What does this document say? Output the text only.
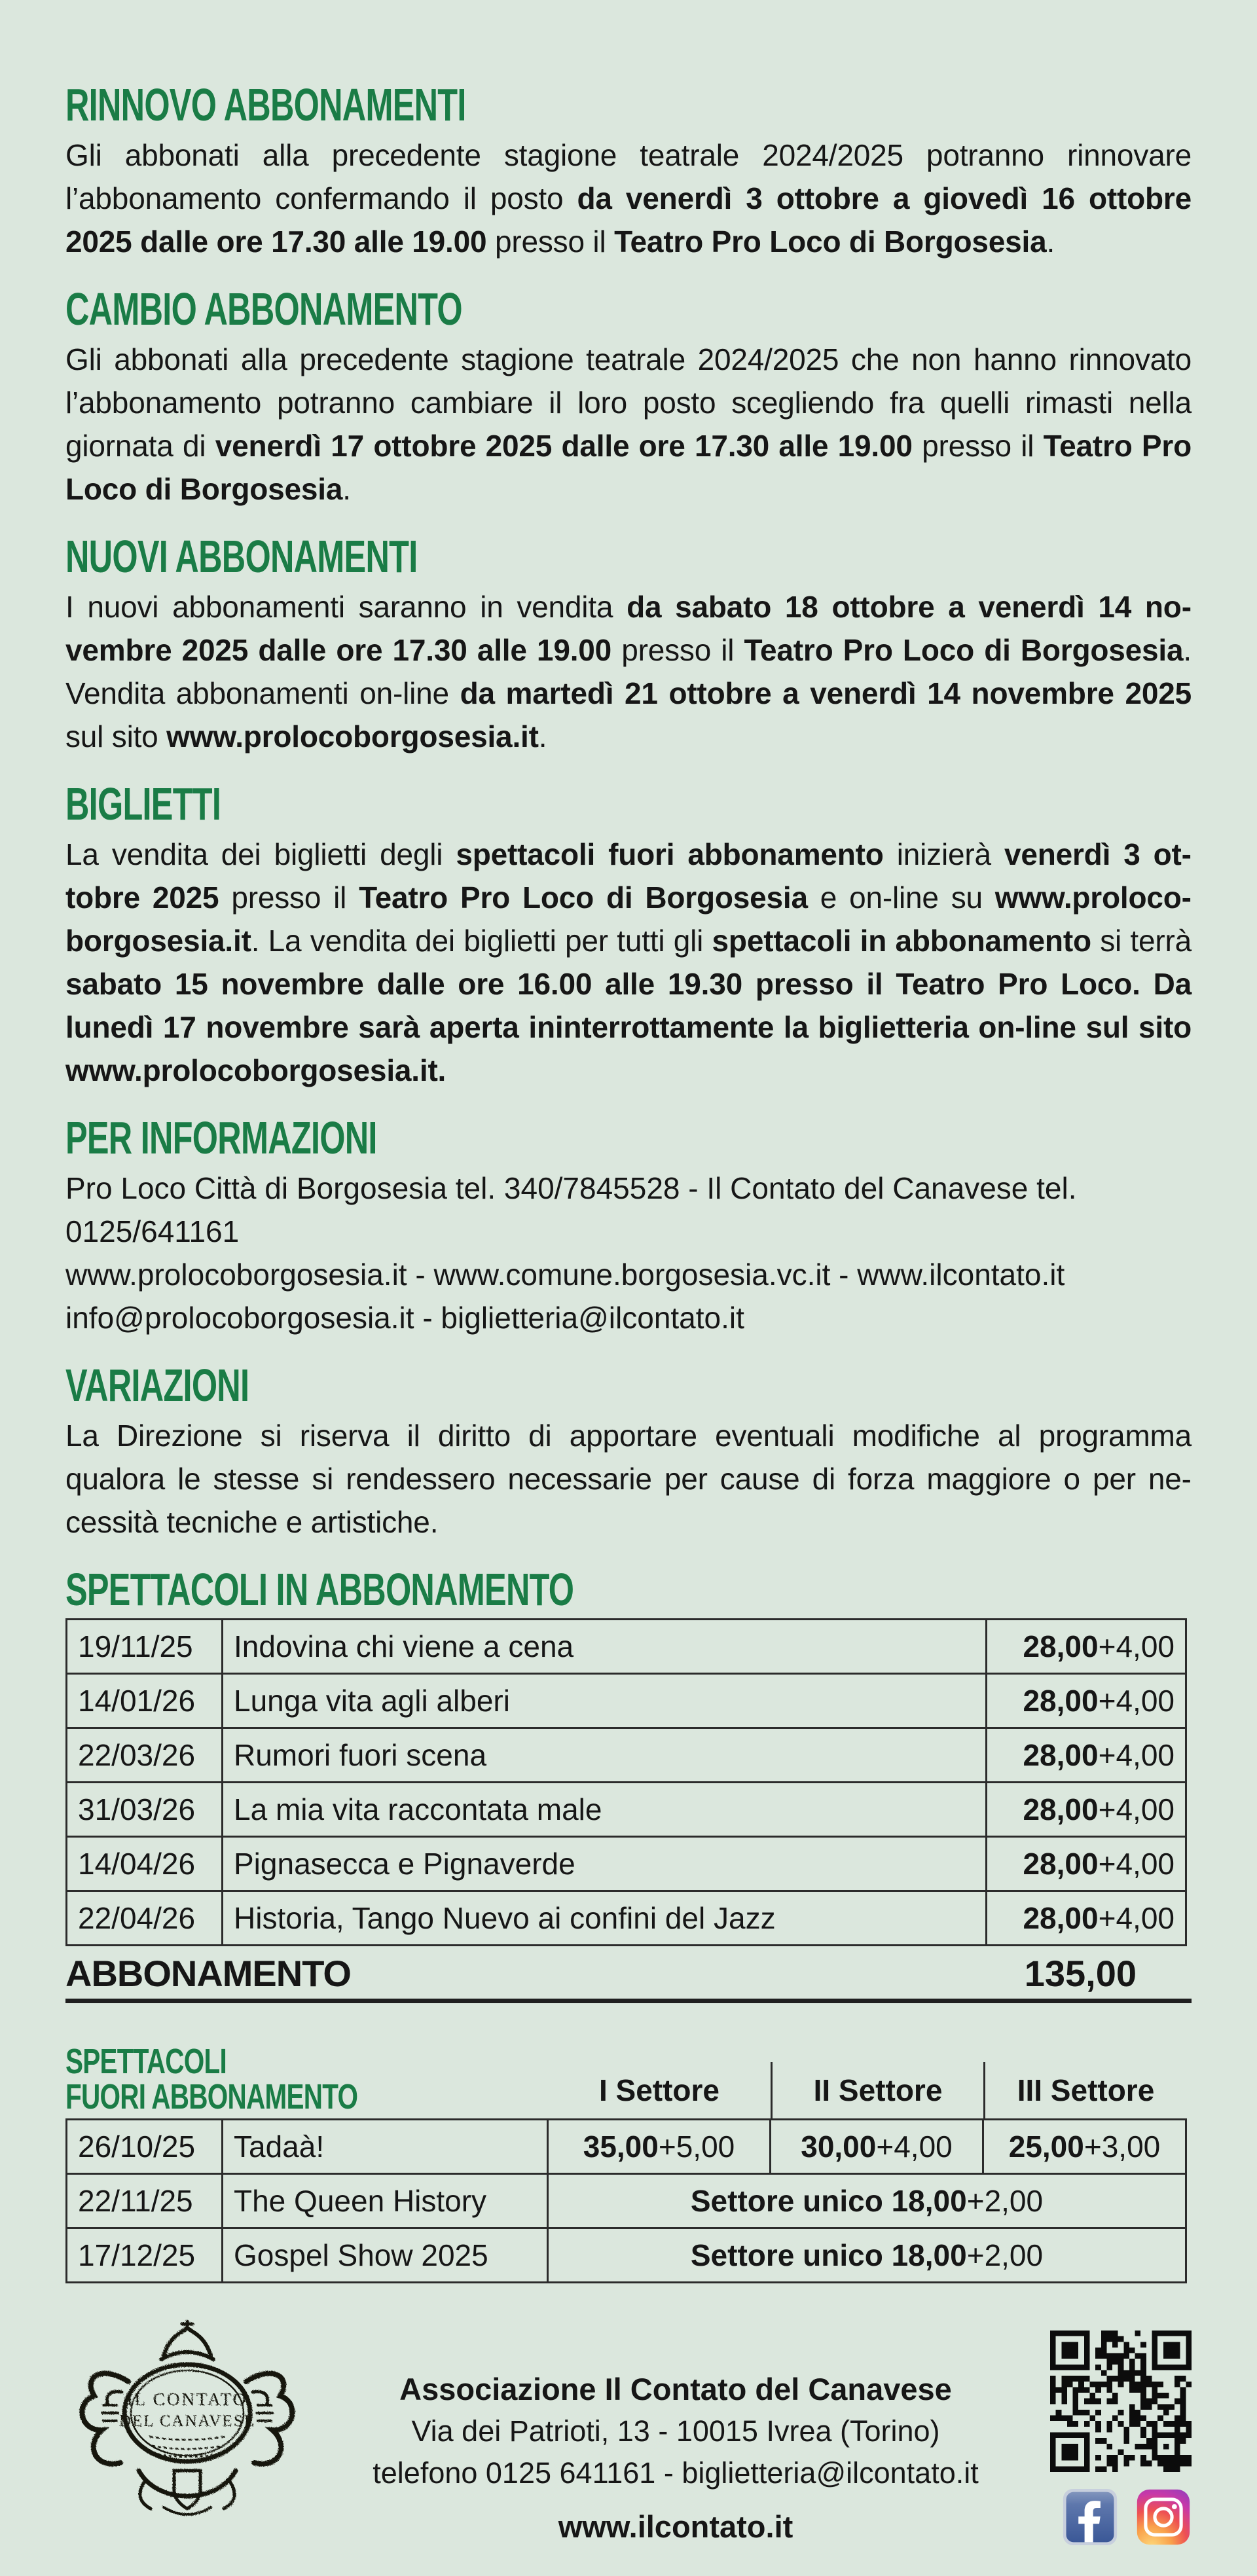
RINNOVO ABBONAMENTI

Gli abbonati alla precedente stagione teatrale 2024/2025 potranno rinnovare l’abbonamento confermando il posto da venerdì 3 ottobre a giovedì 16 ottobre 2025 dalle ore 17.30 alle 19.00 presso il Teatro Pro Loco di Borgosesia.

CAMBIO ABBONAMENTO

Gli abbonati alla precedente stagione teatrale 2024/2025 che non hanno rinnovato l’abbonamento potranno cambiare il loro posto scegliendo fra quelli rimasti nella giornata di venerdì 17 ottobre 2025 dalle ore 17.30 alle 19.00 presso il Teatro Pro Loco di Borgosesia.

NUOVI ABBONAMENTI

I nuovi abbonamenti saranno in vendita da sabato 18 ottobre a venerdì 14 novembre 2025 dalle ore 17.30 alle 19.00 presso il Teatro Pro Loco di Borgosesia. Vendita abbonamenti on-line da martedì 21 ottobre a venerdì 14 novembre 2025 sul sito www.prolocoborgosesia.it.

BIGLIETTI

La vendita dei biglietti degli spettacoli fuori abbonamento inizierà venerdì 3 ottobre 2025 presso il Teatro Pro Loco di Borgosesia e on-line su www.prolocoborgosesia.it. La vendita dei biglietti per tutti gli spettacoli in abbonamento si terrà sabato 15 novembre dalle ore 16.00 alle 19.30 presso il Teatro Pro Loco. Da lunedì 17 novembre sarà aperta ininterrottamente la biglietteria on-line sul sito www.prolocoborgosesia.it.

PER INFORMAZIONI
Pro Loco Città di Borgosesia tel. 340/7845528 - Il Contato del Canavese tel. 0125/641161
www.prolocoborgosesia.it - www.comune.borgosesia.vc.it - www.ilcontato.it
info@prolocoborgosesia.it - biglietteria@ilcontato.it
VARIAZIONI

La Direzione si riserva il diritto di apportare eventuali modifiche al programma qualora le stesse si rendessero necessarie per cause di forza maggiore o per necessità tecniche e artistiche.

SPETTACOLI IN ABBONAMENTO
19/11/25	Indovina chi viene a cena	28,00+4,00
14/01/26	Lunga vita agli alberi	28,00+4,00
22/03/26	Rumori fuori scena	28,00+4,00
31/03/26	La mia vita raccontata male	28,00+4,00
14/04/26	Pignasecca e Pignaverde	28,00+4,00
22/04/26	Historia, Tango Nuevo ai confini del Jazz	28,00+4,00
ABBONAMENTO	135,00
SPETTACOLI
FUORI ABBONAMENTO	I Settore	II Settore	III Settore
26/10/25	Tadaà!	35,00+5,00	30,00+4,00	25,00+3,00
22/11/25	The Queen History	Settore unico 18,00+2,00		
17/12/25	Gospel Show 2025	Settore unico 18,00+2,00		
IL CONTATO
DEL CANAVESE
Associazione Il Contato del Canavese
Via dei Patrioti, 13 - 10015 Ivrea (Torino)
telefono 0125 641161 - biglietteria@ilcontato.it
www.ilcontato.it
